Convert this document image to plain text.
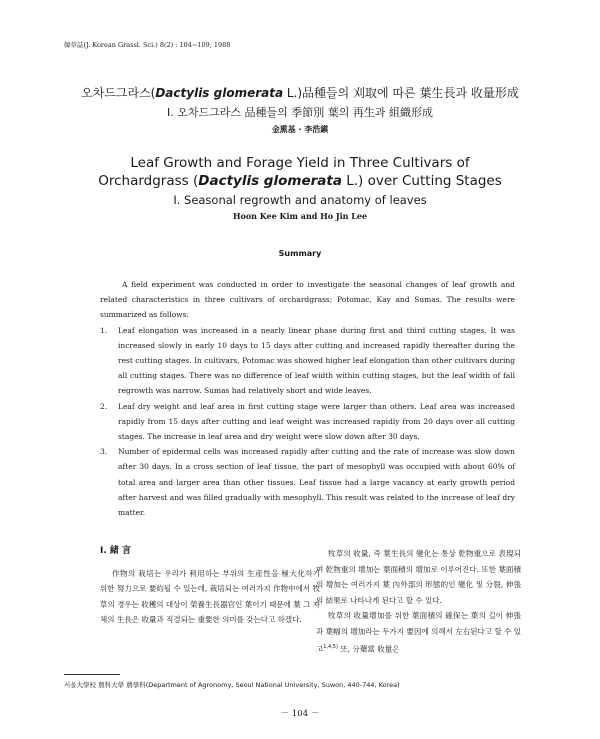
韓草誌(J. Korean Grassl. Sci.) 8(2) : 104~109, 1988
오차드그라스(Dactylis glomerata L.)品種들의 刈取에 따른 葉生長과 收量形成
I. 오차드그라스 品種들의 季節別 葉의 再生과 組織形成
金熏基 · 李浩鎭
Leaf Growth and Forage Yield in Three Cultivars of
Orchardgrass (Dactylis glomerata L.) over Cutting Stages
I. Seasonal regrowth and anatomy of leaves
Hoon Kee Kim and Ho Jin Lee
Summary

A field experiment was conducted in order to investigate the seasonal changes of leaf growth and related characteristics in three cultivars of orchardgrass; Potomac, Kay and Sumas. The results were summarized as follows:

1.	Leaf elongation was increased in a nearly linear phase during first and third cutting stages. It was increased slowly in early 10 days to 15 days after cutting and increased rapidly thereafter during the rest cutting stages. In cultivars, Potomac was showed higher leaf elongation than other cultivars during all cutting stages. There was no difference of leaf width within cutting stages, but the leaf width of fall regrowth was narrow. Sumas had relatively short and wide leaves.
2.	Leaf dry weight and leaf area in first cutting stage were larger than others. Leaf area was increased rapidly from 15 days after cutting and leaf weight was increased rapidly from 20 days over all cutting stages. The increase in leaf area and dry weight were slow down after 30 days.
3.	Number of epidermal cells was increased rapidly after cutting and the rate of increase was slow down after 30 days. In a cross section of leaf tissue, the part of mesophyll was occupied with about 60% of total area and larger area than other tissues. Leaf tissue had a large vacancy at early growth period after harvest and was filled gradually with mesophyll. This result was related to the increase of leaf dry matter.
I. 緒 言

作物의 栽培는 우리가 利用하는 부위의 生産性을 極大化하기 위한 努力으로 要約될 수 있는데, 栽培되는 여러가지 作物中에서 牧草의 경우는 收穫의 대상이 榮養生長器官인 葉이기 때문에 葉 그 자체의 生長은 收量과 직결되는 重要한 의미를 갖는다고 하겠다.

牧草의 收量, 즉 葉生長의 變化는 통상 乾物重으로 表現되며 乾物重의 增加는 葉面積의 增加로 이루어진다. 또한 葉面積의 增加는 여러가지 葉 內外部의 形態的인 變化 및 分裂, 伸張의 結果로 나타나게 된다고 할 수 있다.

牧草의 收量增加를 위한 葉面積의 確保는 葉의 길이 伸張과 葉幅의 增加라는 두가지 要因에 의해서 左右된다고 할 수 있고$^{1,4,5)}$ 또, 分蘗當 收量은

서울大學校 農科大學 農學科(Department of Agronomy, Seoul National University, Suwon, 440-744, Korea)
－ 104 －
